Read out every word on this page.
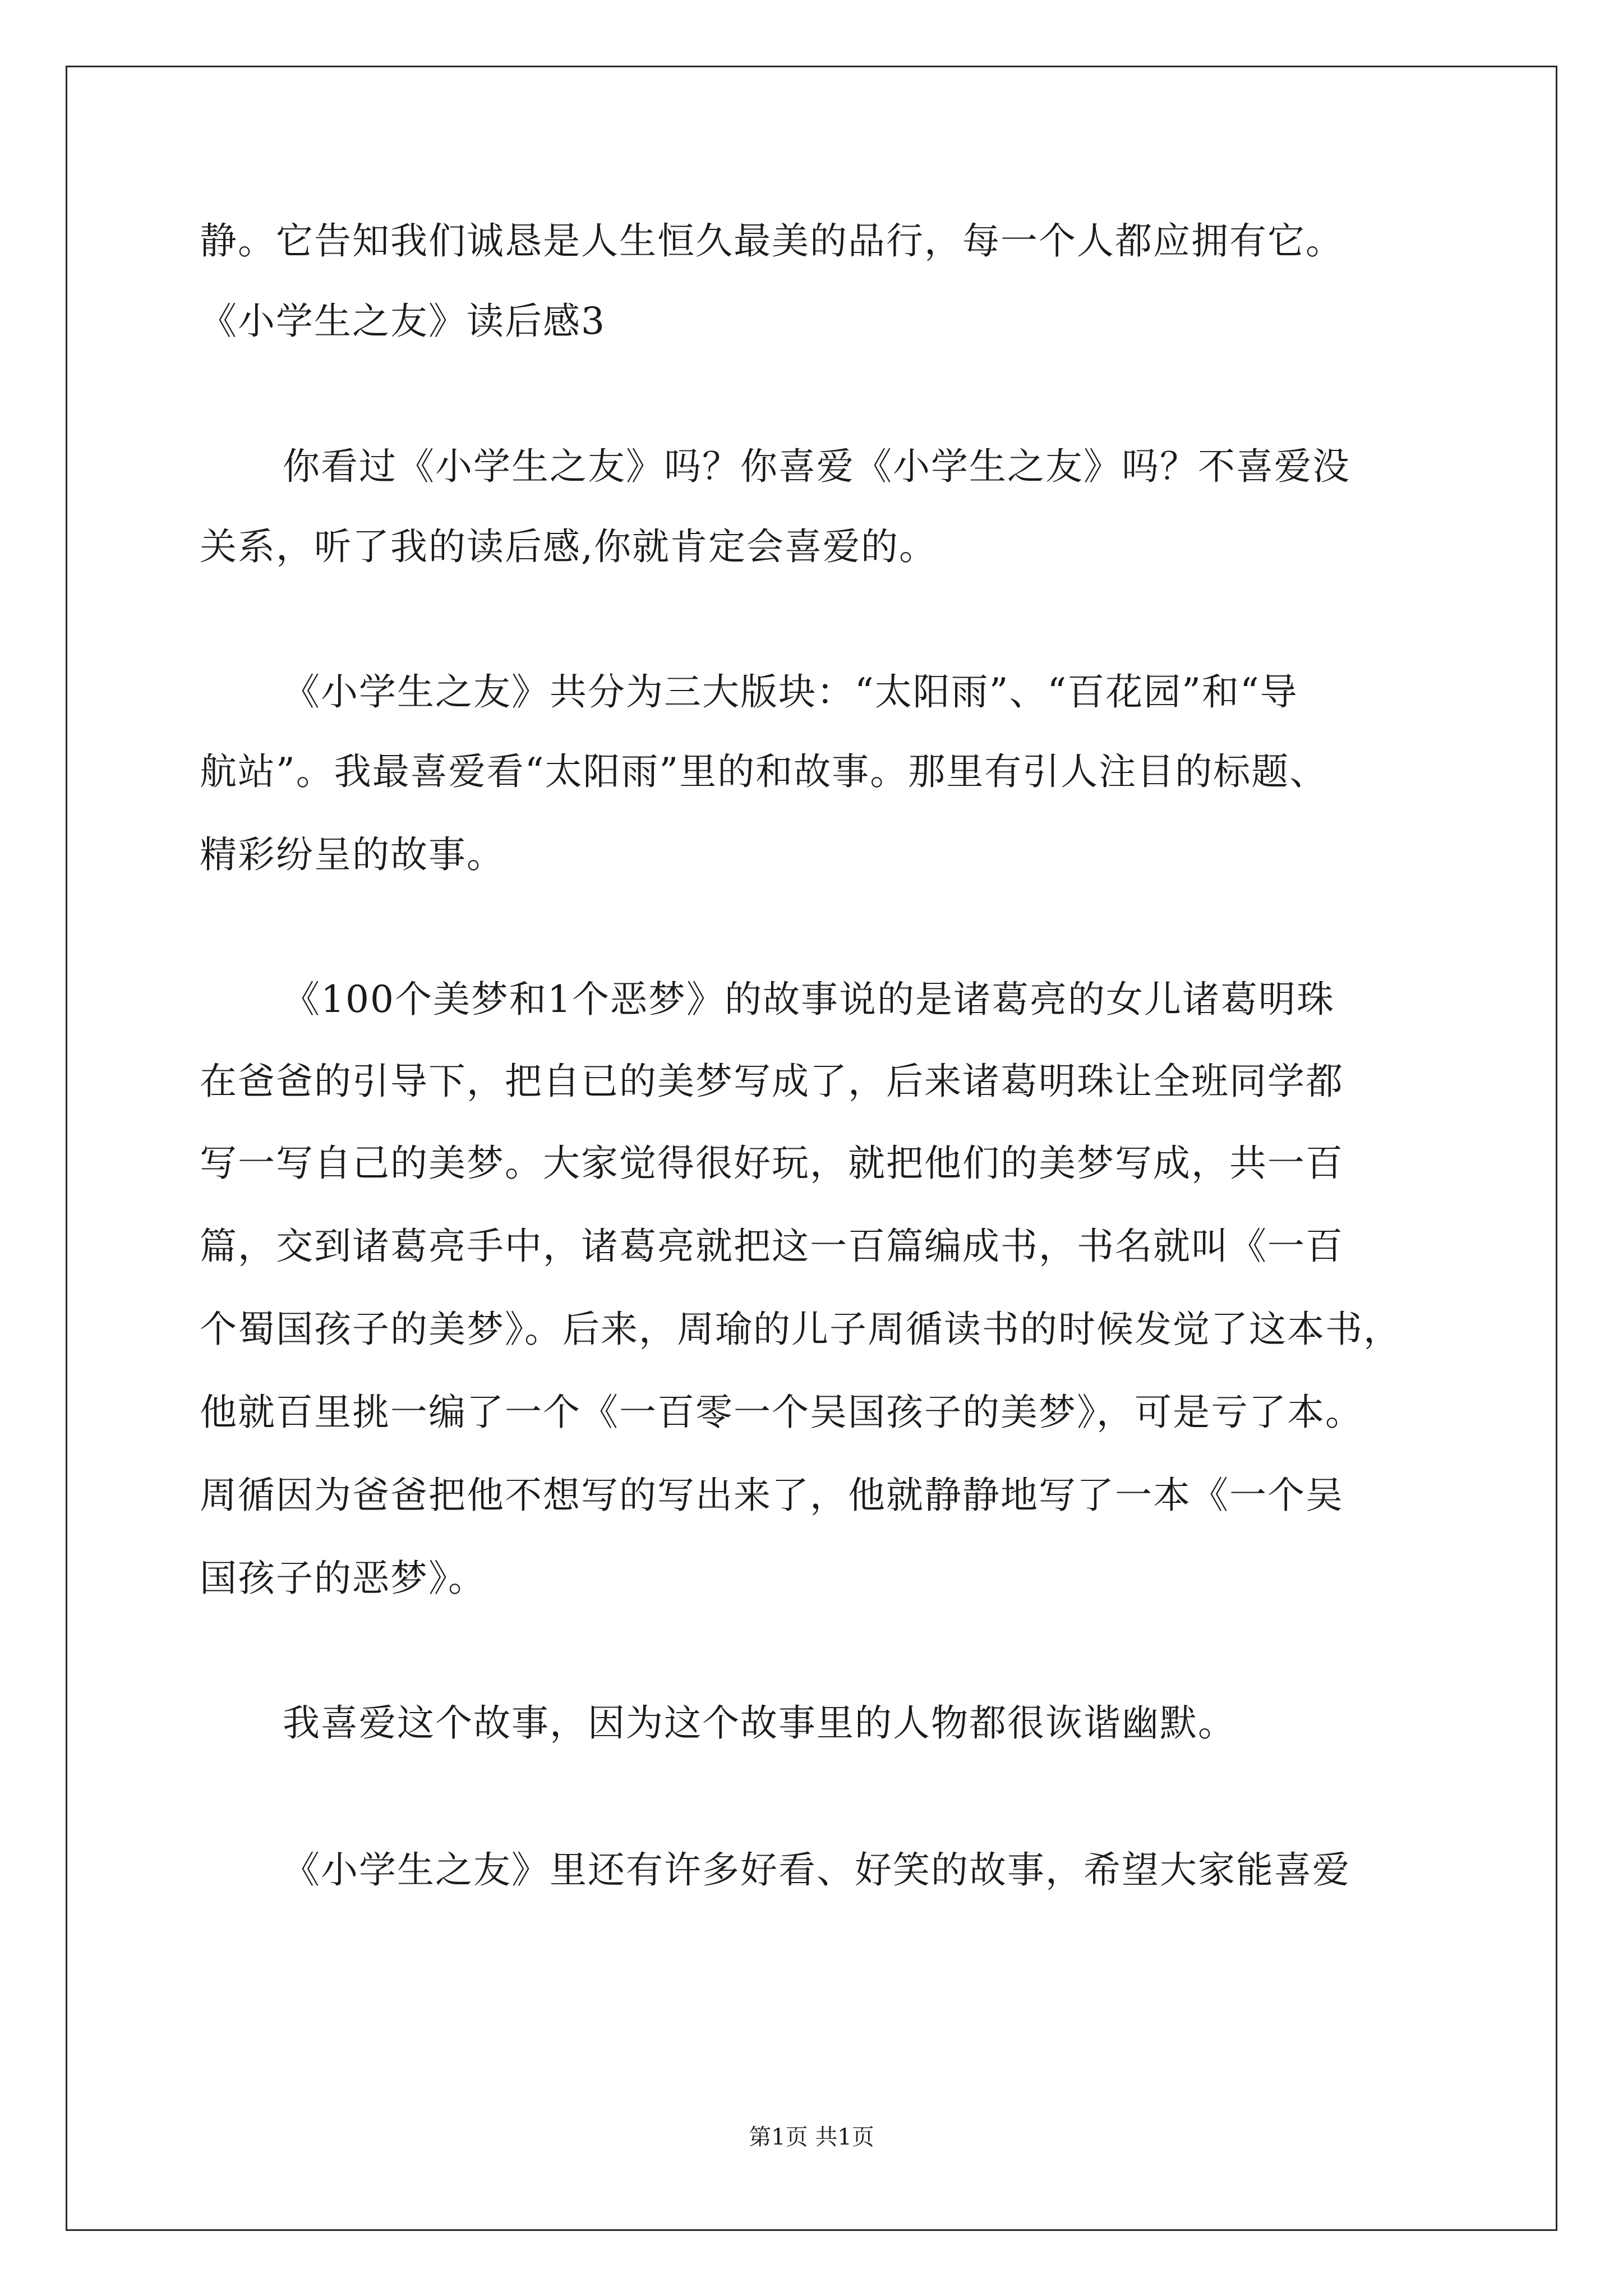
静。它告知我们诚恳是人生恒久最美的品行，每一个人都应拥有它。
《小学生之友》读后感3
你看过《小学生之友》吗？你喜爱《小学生之友》吗？不喜爱没
关系，听了我的读后感,你就肯定会喜爱的。
《小学生之友》共分为三大版块：“太阳雨”、“百花园”和“导
航站”。我最喜爱看“太阳雨”里的和故事。那里有引人注目的标题、
精彩纷呈的故事。
《100个美梦和1个恶梦》的故事说的是诸葛亮的女儿诸葛明珠
在爸爸的引导下，把自已的美梦写成了，后来诸葛明珠让全班同学都
写一写自己的美梦。大家觉得很好玩，就把他们的美梦写成，共一百
篇，交到诸葛亮手中，诸葛亮就把这一百篇编成书，书名就叫《一百
个蜀国孩子的美梦》。后来，周瑜的儿子周循读书的时候发觉了这本书，
他就百里挑一编了一个《一百零一个吴国孩子的美梦》，可是亏了本。
周循因为爸爸把他不想写的写出来了，他就静静地写了一本《一个吴
国孩子的恶梦》。
我喜爱这个故事，因为这个故事里的人物都很诙谐幽默。
《小学生之友》里还有许多好看、好笑的故事，希望大家能喜爱
第1页 共1页
